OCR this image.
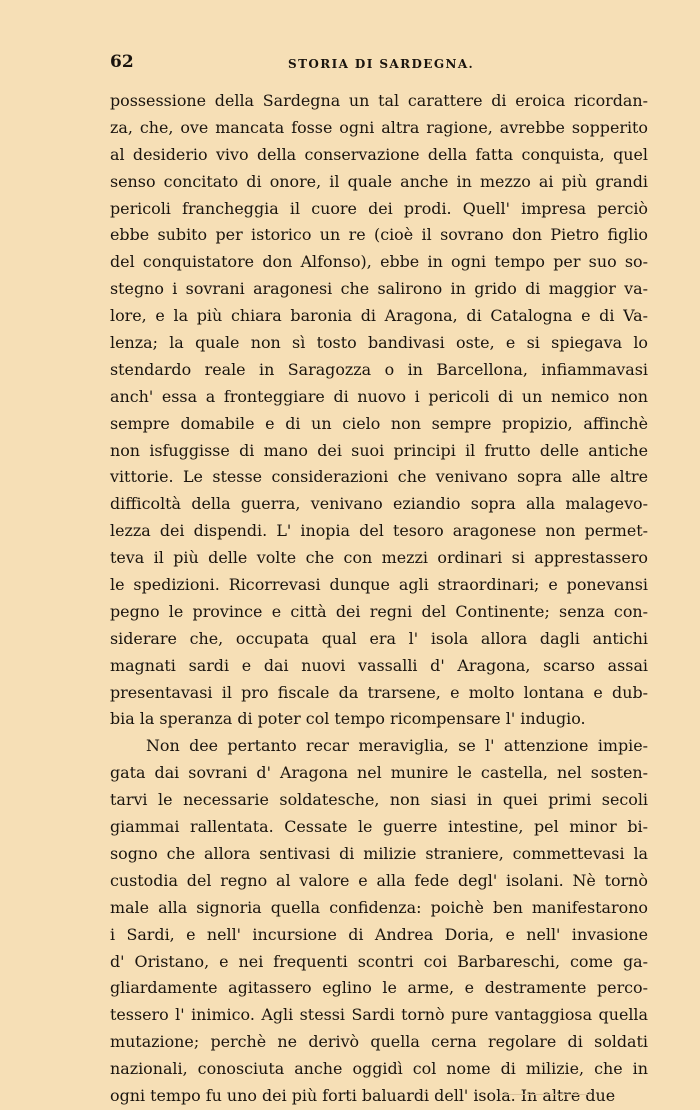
62	STORIA DI SARDEGNA.
possessione della Sardegna un tal carattere di eroica ricordan-
za, che, ove mancata fosse ogni altra ragione, avrebbe sopperito
al desiderio vivo della conservazione della fatta conquista, quel
senso concitato di onore, il quale anche in mezzo ai più grandi
pericoli francheggia il cuore dei prodi. Quell' impresa perciò
ebbe subito per istorico un re (cioè il sovrano don Pietro figlio
del conquistatore don Alfonso), ebbe in ogni tempo per suo so-
stegno i sovrani aragonesi che salirono in grido di maggior va-
lore, e la più chiara baronia di Aragona, di Catalogna e di Va-
lenza; la quale non sì tosto bandivasi oste, e si spiegava lo
stendardo reale in Saragozza o in Barcellona, infiammavasi
anch' essa a fronteggiare di nuovo i pericoli di un nemico non
sempre domabile e di un cielo non sempre propizio, affinchè
non isfuggisse di mano dei suoi principi il frutto delle antiche
vittorie. Le stesse considerazioni che venivano sopra alle altre
difficoltà della guerra, venivano eziandio sopra alla malagevo-
lezza dei dispendi. L' inopia del tesoro aragonese non permet-
teva il più delle volte che con mezzi ordinari si apprestassero
le spedizioni. Ricorrevasi dunque agli straordinari; e ponevansi
pegno le province e città dei regni del Continente; senza con-
siderare che, occupata qual era l' isola allora dagli antichi
magnati sardi e dai nuovi vassalli d' Aragona, scarso assai
presentavasi il pro fiscale da trarsene, e molto lontana e dub-
bia la speranza di poter col tempo ricompensare l' indugio.
Non dee pertanto recar meraviglia, se l' attenzione impie-
gata dai sovrani d' Aragona nel munire le castella, nel sosten-
tarvi le necessarie soldatesche, non siasi in quei primi secoli
giammai rallentata. Cessate le guerre intestine, pel minor bi-
sogno che allora sentivasi di milizie straniere, commettevasi la
custodia del regno al valore e alla fede degl' isolani. Nè tornò
male alla signoria quella confidenza: poichè ben manifestarono
i Sardi, e nell' incursione di Andrea Doria, e nell' invasione
d' Oristano, e nei frequenti scontri coi Barbareschi, come ga-
gliardamente agitassero eglino le arme, e destramente perco-
tessero l' inimico. Agli stessi Sardi tornò pure vantaggiosa quella
mutazione; perchè ne derivò quella cerna regolare di soldati
nazionali, conosciuta anche oggidì col nome di milizie, che in
ogni tempo fu uno dei più forti baluardi dell' isola. In altre due
